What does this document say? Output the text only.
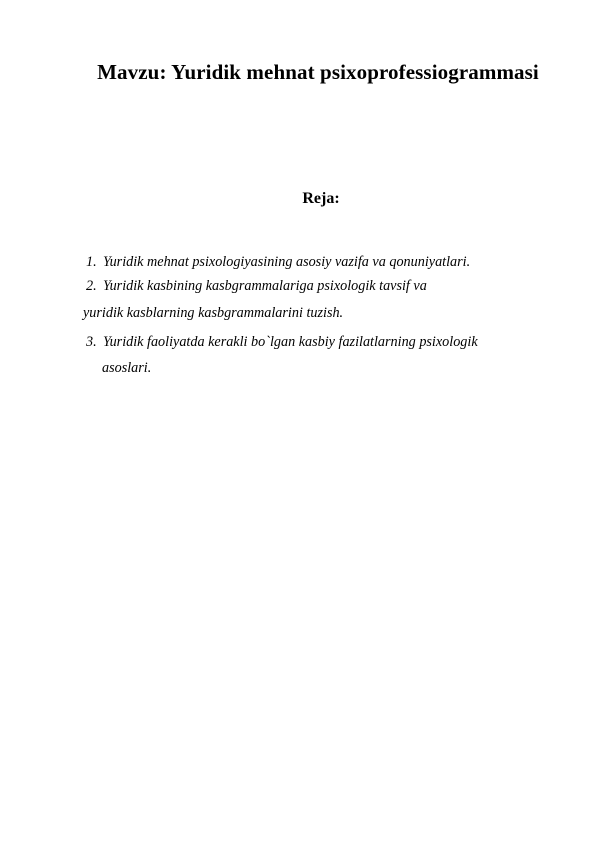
Mavzu: Yuridik mehnat psixoprofessiogrammasi
Reja:
1. Yuridik mehnat psixologiyasining asosiy vazifa va qonuniyatlari.
2. Yuridik kasbining kasbgrammalariga psixologik tavsif va
yuridik kasblarning kasbgrammalarini tuzish.
3. Yuridik faoliyatda kerakli bo`lgan kasbiy fazilatlarning psixologik
asoslari.
